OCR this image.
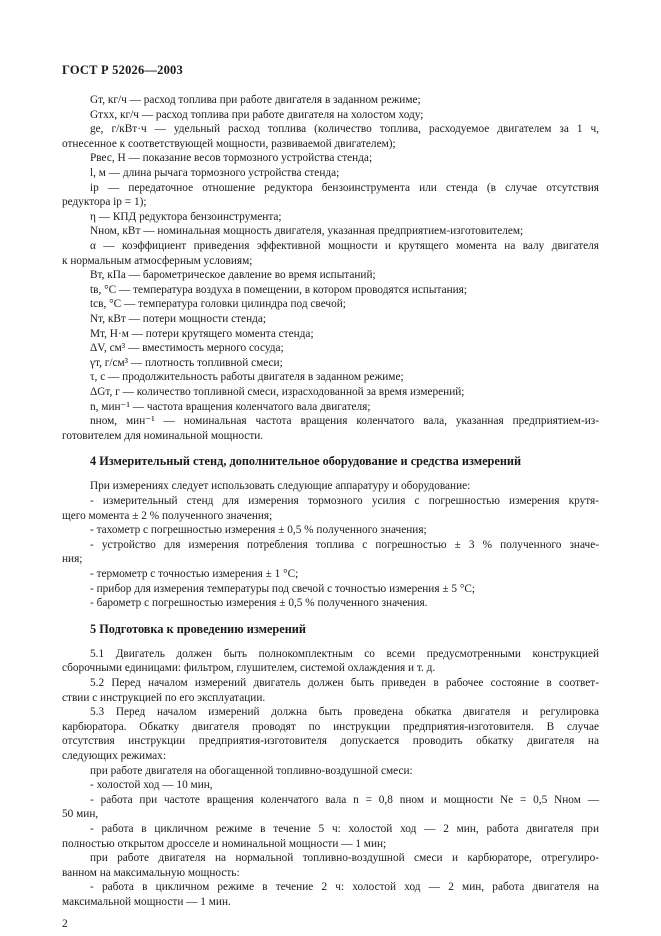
ГОСТ Р 52026—2003
Gт, кг/ч — расход топлива при работе двигателя в заданном режиме;
Gтхх, кг/ч — расход топлива при работе двигателя на холостом ходу;
gе, г/кВт·ч — удельный расход топлива (количество топлива, расходуемое двигателем за 1 ч,
отнесенное к соответствующей мощности, развиваемой двигателем);
Pвес, Н — показание весов тормозного устройства стенда;
l, м — длина рычага тормозного устройства стенда;
iр — передаточное отношение редуктора бензоинструмента или стенда (в случае отсутствия
редуктора iр = 1);
η — КПД редуктора бензоинструмента;
Nном, кВт — номинальная мощность двигателя, указанная предприятием-изготовителем;
α — коэффициент приведения эффективной мощности и крутящего момента на валу двигателя
к нормальным атмосферным условиям;
Bт, кПа — барометрическое давление во время испытаний;
tв, °С — температура воздуха в помещении, в котором проводятся испытания;
tсв, °С — температура головки цилиндра под свечой;
Nт, кВт — потери мощности стенда;
Mт, Н·м — потери крутящего момента стенда;
ΔV, см³ — вместимость мерного сосуда;
γт, г/см³ — плотность топливной смеси;
τ, с — продолжительность работы двигателя в заданном режиме;
ΔGт, г — количество топливной смеси, израсходованной за время измерений;
n, мин⁻¹ — частота вращения коленчатого вала двигателя;
nном, мин⁻¹ — номинальная частота вращения коленчатого вала, указанная предприятием-из-
готовителем для номинальной мощности.
4 Измерительный стенд, дополнительное оборудование и средства измерений
При измерениях следует использовать следующие аппаратуру и оборудование:
- измерительный стенд для измерения тормозного усилия с погрешностью измерения крутя-
щего момента ± 2 % полученного значения;
- тахометр с погрешностью измерения ± 0,5 % полученного значения;
- устройство для измерения потребления топлива с погрешностью ± 3 % полученного значе-
ния;
- термометр с точностью измерения ± 1 °С;
- прибор для измерения температуры под свечой с точностью измерения ± 5 °С;
- барометр с погрешностью измерения ± 0,5 % полученного значения.
5 Подготовка к проведению измерений
5.1 Двигатель должен быть полнокомплектным со всеми предусмотренными конструкцией
сборочными единицами: фильтром, глушителем, системой охлаждения и т. д.
5.2 Перед началом измерений двигатель должен быть приведен в рабочее состояние в соответ-
ствии с инструкцией по его эксплуатации.
5.3 Перед началом измерений должна быть проведена обкатка двигателя и регулировка
карбюратора. Обкатку двигателя проводят по инструкции предприятия-изготовителя. В случае
отсутствия инструкции предприятия-изготовителя допускается проводить обкатку двигателя на
следующих режимах:
при работе двигателя на обогащенной топливно-воздушной смеси:
- холостой ход — 10 мин,
- работа при частоте вращения коленчатого вала n = 0,8 nном и мощности Nе = 0,5 Nном —
50 мин,
- работа в цикличном режиме в течение 5 ч: холостой ход — 2 мин, работа двигателя при
полностью открытом дросселе и номинальной мощности — 1 мин;
при работе двигателя на нормальной топливно-воздушной смеси и карбюраторе, отрегулиро-
ванном на максимальную мощность:
- работа в цикличном режиме в течение 2 ч: холостой ход — 2 мин, работа двигателя на
максимальной мощности — 1 мин.
2
